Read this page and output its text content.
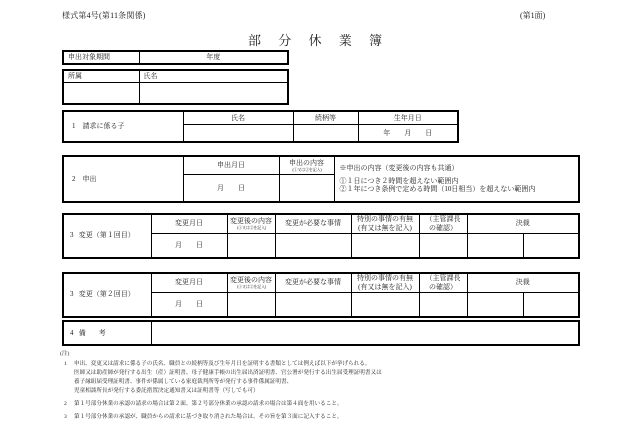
様式第4号(第11条関係)	(第1面)
部 分 休 業 簿
申出対象期間	年度
所属	氏名

1 請求に係る子	氏名	続柄等	生年月日
			年　　月　　日
2 申出	申出月日	申出の内容
(①又は②を記入)	※申出の内容（変更後の内容も共通）

①１日につき２時間を超えない範囲内
②１年につき条例で定める時間（10日相当）を超えない範囲内

	月　　日		
3 変更（第１回目）	変更月日	変更後の内容
(①又は②を記入)	変更が必要な事情	特別の事情の有無
(有又は無を記入)	（主管課長
の確認）	決裁	
	月　　日						
3 変更（第２回目）	変更月日	変更後の内容
(①又は②を記入)	変更が必要な事情	特別の事情の有無
(有又は無を記入)	（主管課長
の確認）	決裁	
	月　　日						
4 備　考	
(注)
1	申出、変更又は請求に係る子の氏名、職員との続柄等及び生年月日を証明する書類としては例えば以下が挙げられる。
医師又は助産師が発行する出生（産）証明書、母子健康手帳の出生届出済証明書、官公署が発行する出生届受理証明書又は
養子縁組届受理証明書、事件が係属している家庭裁判所等が発行する事件係属証明書、
児童相談所長が発行する委託措置決定通知書又は証明書等（写しでも可）
2	第１号部分休業の承認の請求の場合は第２面、第２号部分休業の承認の請求の場合は第４面を用いること。
3	第１号部分休業の承認が、職員からの請求に基づき取り消された場合は、その旨を第３面に記入すること。
